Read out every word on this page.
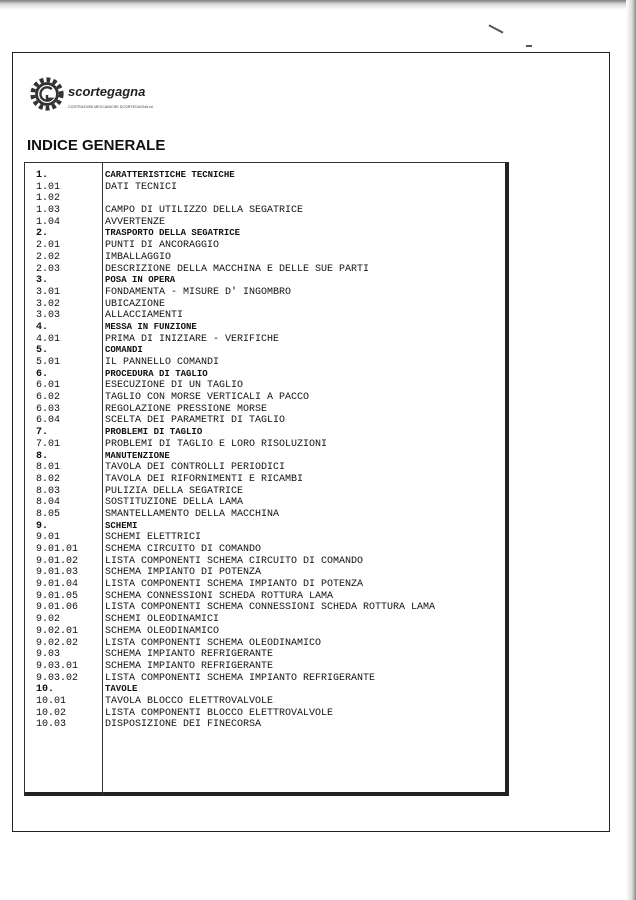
scortegagna
COSTRUZIONI MECCANICHE SCORTEGAGNA srl
INDICE GENERALE
1.	CARATTERISTICHE TECNICHE
1.01	DATI TECNICI
1.02
1.03	CAMPO DI UTILIZZO DELLA SEGATRICE
1.04	AVVERTENZE
2.	TRASPORTO DELLA SEGATRICE
2.01	PUNTI DI ANCORAGGIO
2.02	IMBALLAGGIO
2.03	DESCRIZIONE DELLA MACCHINA E DELLE SUE PARTI
3.	POSA IN OPERA
3.01	FONDAMENTA - MISURE D' INGOMBRO
3.02	UBICAZIONE
3.03	ALLACCIAMENTI
4.	MESSA IN FUNZIONE
4.01	PRIMA DI INIZIARE - VERIFICHE
5.	COMANDI
5.01	IL PANNELLO COMANDI
6.	PROCEDURA DI TAGLIO
6.01	ESECUZIONE DI UN TAGLIO
6.02	TAGLIO CON MORSE VERTICALI A PACCO
6.03	REGOLAZIONE PRESSIONE MORSE
6.04	SCELTA DEI PARAMETRI DI TAGLIO
7.	PROBLEMI DI TAGLIO
7.01	PROBLEMI DI TAGLIO E LORO RISOLUZIONI
8.	MANUTENZIONE
8.01	TAVOLA DEI CONTROLLI PERIODICI
8.02	TAVOLA DEI RIFORNIMENTI E RICAMBI
8.03	PULIZIA DELLA SEGATRICE
8.04	SOSTITUZIONE DELLA LAMA
8.05	SMANTELLAMENTO DELLA MACCHINA
9.	SCHEMI
9.01	SCHEMI ELETTRICI
9.01.01	SCHEMA CIRCUITO DI COMANDO
9.01.02	LISTA COMPONENTI SCHEMA CIRCUITO DI COMANDO
9.01.03	SCHEMA IMPIANTO DI POTENZA
9.01.04	LISTA COMPONENTI SCHEMA IMPIANTO DI POTENZA
9.01.05	SCHEMA CONNESSIONI SCHEDA ROTTURA LAMA
9.01.06	LISTA COMPONENTI SCHEMA CONNESSIONI SCHEDA ROTTURA LAMA
9.02	SCHEMI OLEODINAMICI
9.02.01	SCHEMA OLEODINAMICO
9.02.02	LISTA COMPONENTI SCHEMA OLEODINAMICO
9.03	SCHEMA IMPIANTO REFRIGERANTE
9.03.01	SCHEMA IMPIANTO REFRIGERANTE
9.03.02	LISTA COMPONENTI SCHEMA IMPIANTO REFRIGERANTE
10.	TAVOLE
10.01	TAVOLA BLOCCO ELETTROVALVOLE
10.02	LISTA COMPONENTI BLOCCO ELETTROVALVOLE
10.03	DISPOSIZIONE DEI FINECORSA
